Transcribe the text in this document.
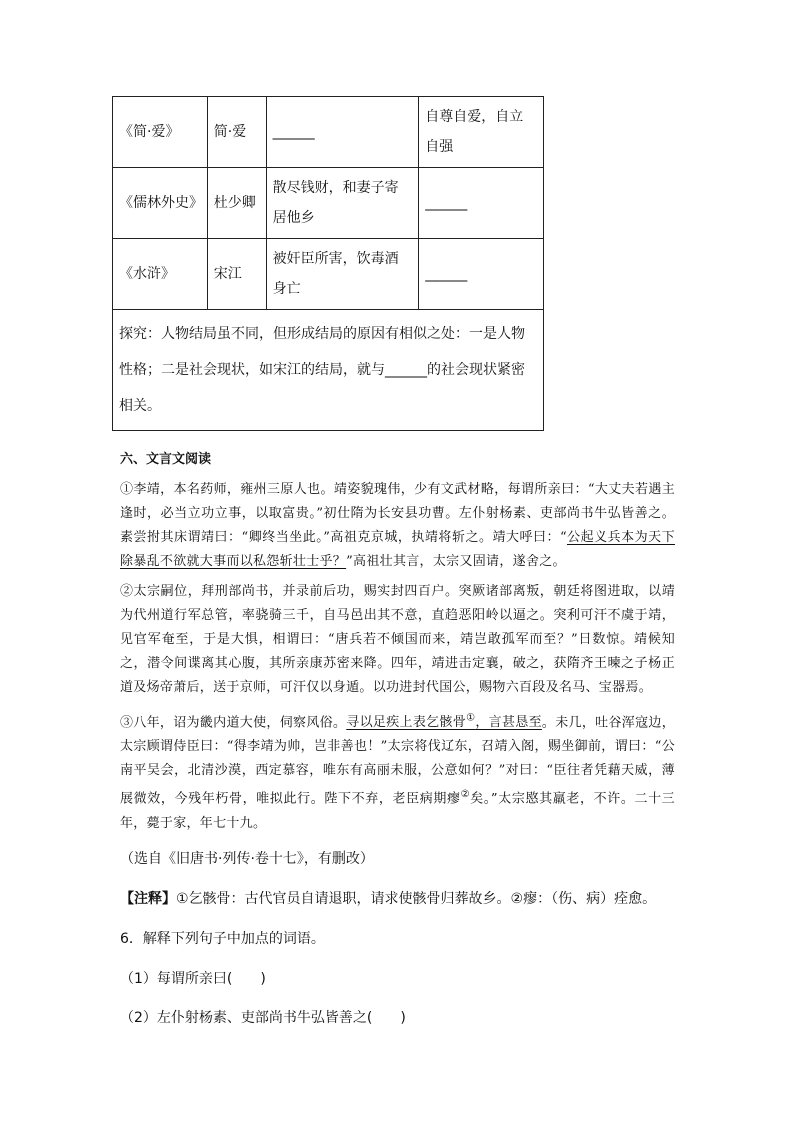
《简·爱》	简·爱	______	自尊自爱，自立自强
《儒林外史》	杜少卿	散尽钱财，和妻子寄居他乡	______
《水浒》	宋江	被奸臣所害，饮毒酒身亡	______
探究：人物结局虽不同，但形成结局的原因有相似之处：一是人物性格；二是社会现状，如宋江的结局，就与______的社会现状紧密相关。			
六、文言文阅读
①李靖，本名药师，雍州三原人也。靖姿貌瑰伟，少有文武材略，每谓所亲曰：“大丈夫若遇主逢时，必当立功立事，以取富贵。”初仕隋为长安县功曹。左仆射杨素、吏部尚书牛弘皆善之。素尝拊其床谓靖曰：“卿终当坐此。”高祖克京城，执靖将斩之。靖大呼曰：“公起义兵本为天下除暴乱不欲就大事而以私怨斩壮士乎？”高祖壮其言，太宗又固请，遂舍之。
②太宗嗣位，拜刑部尚书，并录前后功，赐实封四百户。突厥诸部离叛，朝廷将图进取，以靖为代州道行军总管，率骁骑三千，自马邑出其不意，直趋恶阳岭以逼之。突利可汗不虞于靖，见官军奄至，于是大惧，相谓曰：“唐兵若不倾国而来，靖岂敢孤军而至？”日数惊。靖候知之，潜令间谍离其心腹，其所亲康苏密来降。四年，靖进击定襄，破之，获隋齐王暕之子杨正道及炀帝萧后，送于京师，可汗仅以身遁。以功进封代国公，赐物六百段及名马、宝器焉。
③八年，诏为畿内道大使，伺察风俗。寻以足疾上表乞骸骨①，言甚恳至。未几，吐谷浑寇边，太宗顾谓侍臣曰：“得李靖为帅，岂非善也！”太宗将伐辽东，召靖入阁，赐坐御前，谓曰：“公南平吴会，北清沙漠，西定慕容，唯东有高丽未服，公意如何？”对曰：“臣往者凭藉天威，薄展微效，今残年朽骨，唯拟此行。陛下不弃，老臣病期瘳②矣。”太宗愍其羸老，不许。二十三年，薨于家，年七十九。
（选自《旧唐书·列传·卷十七》，有删改）
【注释】①乞骸骨：古代官员自请退职，请求使骸骨归葬故乡。②瘳：（伤、病）痊愈。
6．解释下列句子中加点的词语。
（1）每谓所亲曰(　　)
（2）左仆射杨素、吏部尚书牛弘皆善之(　　)
